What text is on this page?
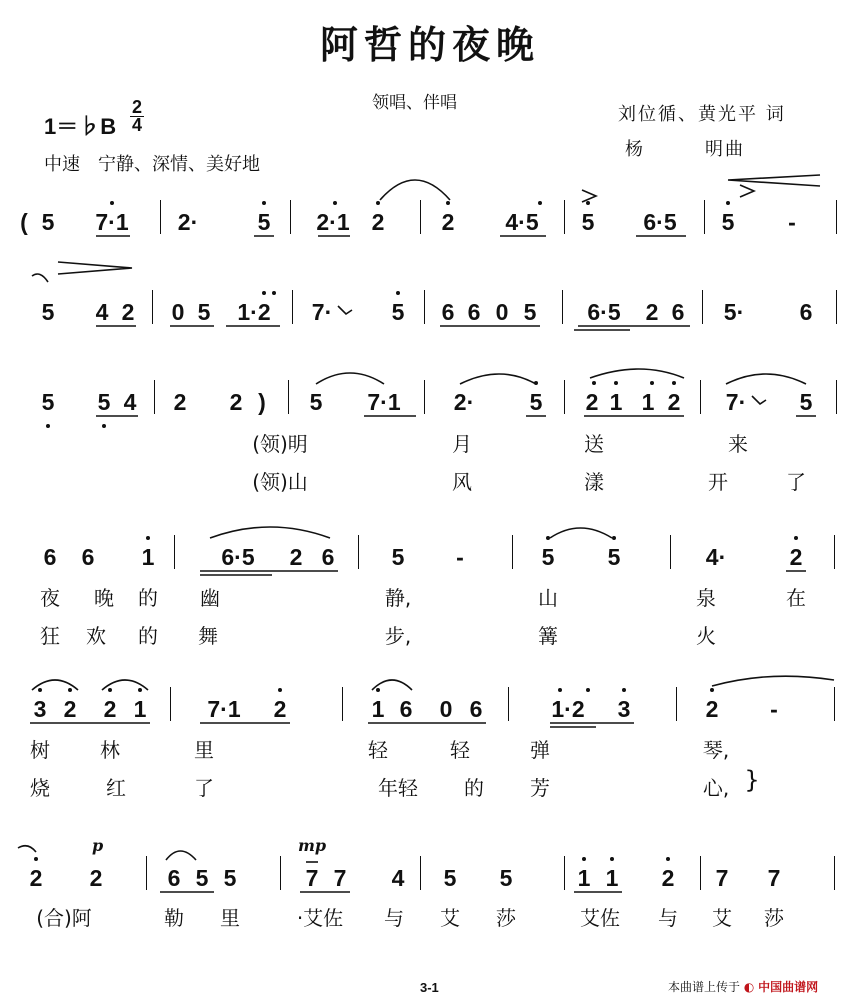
阿哲的夜晚
领唱、伴唱
刘位循、黄光平 词
杨　　　明曲
1＝♭B
2
4
中速　宁静、深情、美好地
( 5 7·1 2·	5 2·1 2 2 4·5 5 6·5 5 -
5 4 2 0 5 1·2 7·	5 6 6 0 5 6·5 2 6 5· 6
5 5 4 2 2 ) 5 7·1 2· 5 2 1 1 2 7· 5
(领)明	月	送	来
(领)山	风	漾	开	了
6 6 1	6·5 2 6 5 -	5 5	4·	2
夜 晚 的 幽	静,	山	泉	在
狂 欢 的 舞	步,	篝	火
3 2 2 1	7·1 2	1 6 0 6	1·2 3	2 -
树	林	里	轻	轻	弹	琴,
烧	红	了	年轻 的 芳	心, }
p	mp
2 2	6 5 5	7 7 4 5 5	1 1 2 7 7
(合)阿	勒 里	·艾佐 与 艾 莎	艾佐 与 艾 莎
3-1	本曲谱上传于 ◐ 中国曲谱网
